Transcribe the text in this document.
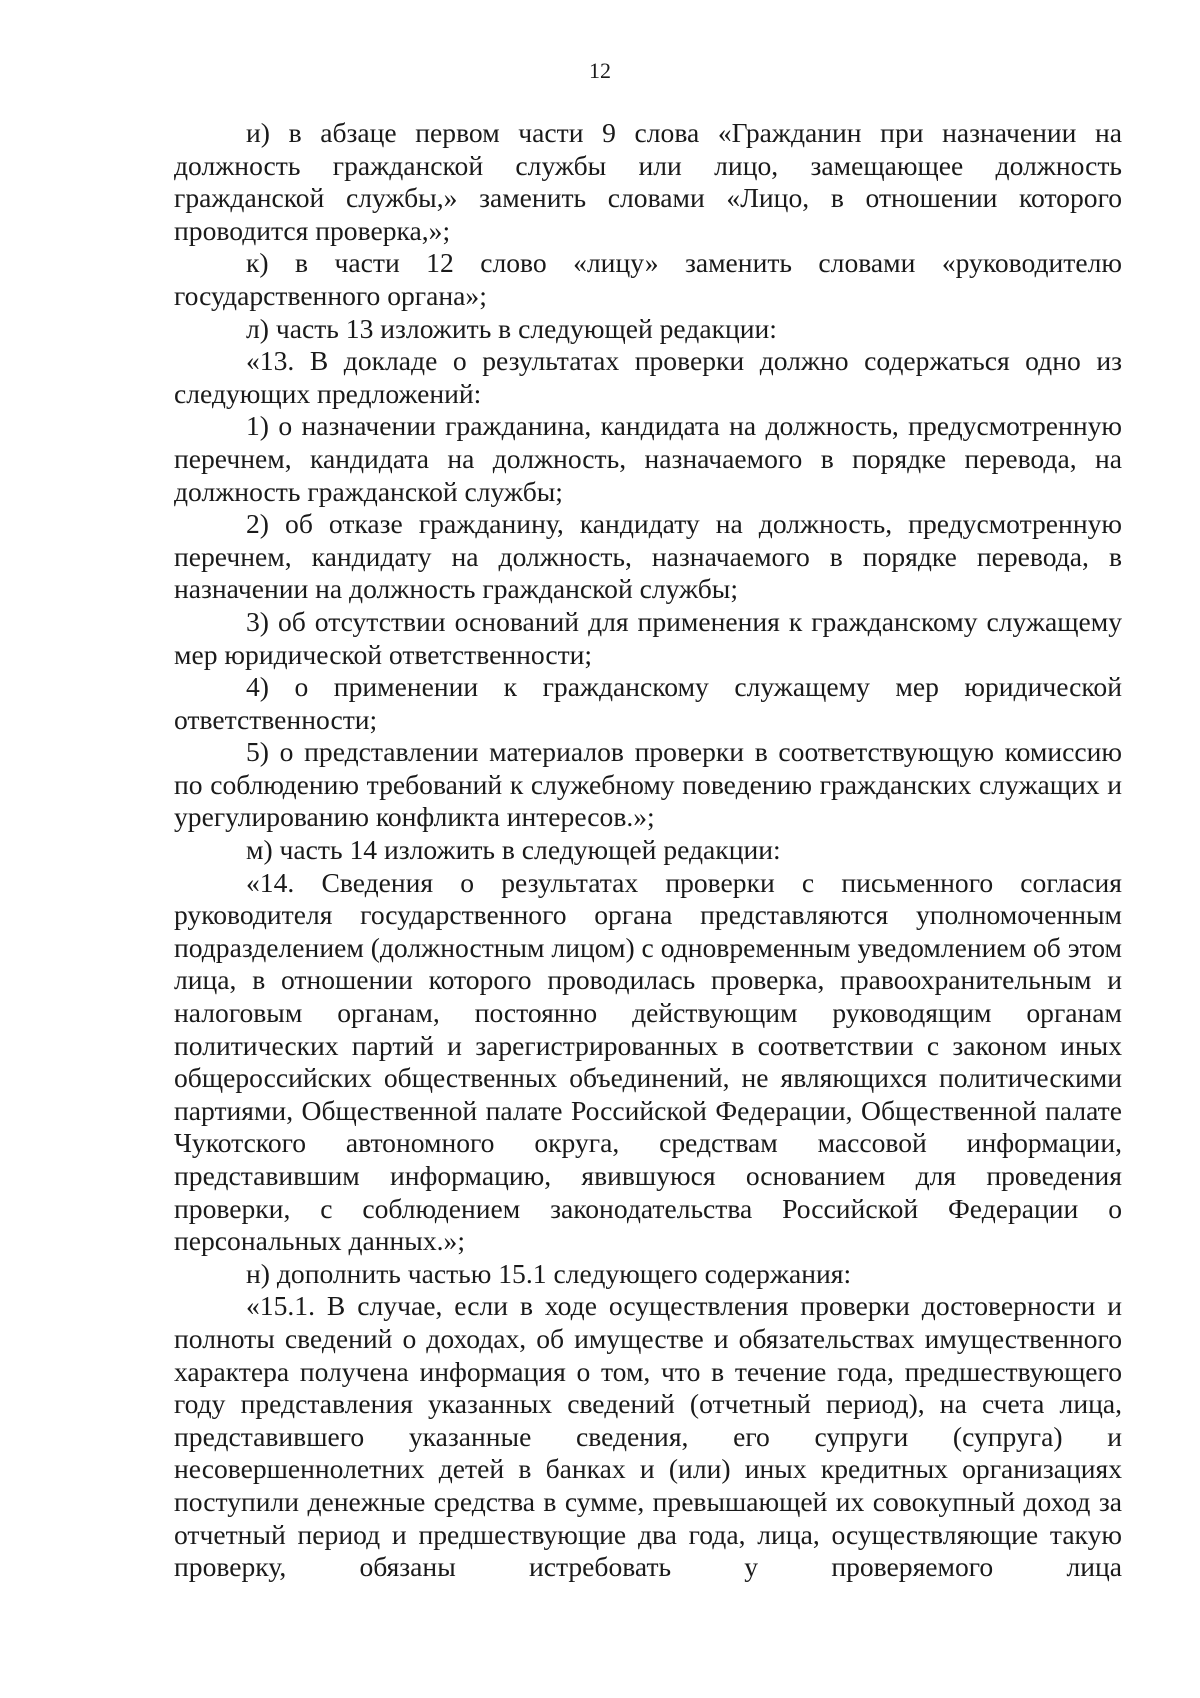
12

и) в абзаце первом части 9 слова «Гражданин при назначении на должность гражданской службы или лицо, замещающее должность гражданской службы,» заменить словами «Лицо, в отношении которого проводится проверка,»;

к) в части 12 слово «лицу» заменить словами «руководителю государственного органа»;

л) часть 13 изложить в следующей редакции:

«13. В докладе о результатах проверки должно содержаться одно из следующих предложений:

1) о назначении гражданина, кандидата на должность, предусмотренную перечнем, кандидата на должность, назначаемого в порядке перевода, на должность гражданской службы;

2) об отказе гражданину, кандидату на должность, предусмотренную перечнем, кандидату на должность, назначаемого в порядке перевода, в назначении на должность гражданской службы;

3) об отсутствии оснований для применения к гражданскому служащему мер юридической ответственности;

4) о применении к гражданскому служащему мер юридической ответственности;

5) о представлении материалов проверки в соответствующую комиссию по соблюдению требований к служебному поведению гражданских служащих и урегулированию конфликта интересов.»;

м) часть 14 изложить в следующей редакции:

«14. Сведения о результатах проверки с письменного согласия руководителя государственного органа представляются уполномоченным подразделением (должностным лицом) с одновременным уведомлением об этом лица, в отношении которого проводилась проверка, правоохранительным и налоговым органам, постоянно действующим руководящим органам политических партий и зарегистрированных в соответствии с законом иных общероссийских общественных объединений, не являющихся политическими партиями, Общественной палате Российской Федерации, Общественной палате Чукотского автономного округа, средствам массовой информации, представившим информацию, явившуюся основанием для проведения проверки, с соблюдением законодательства Российской Федерации о персональных данных.»;

н) дополнить частью 15.1 следующего содержания:

«15.1. В случае, если в ходе осуществления проверки достоверности и полноты сведений о доходах, об имуществе и обязательствах имущественного характера получена информация о том, что в течение года, предшествующего году представления указанных сведений (отчетный период), на счета лица, представившего указанные сведения, его супруги (супруга) и несовершеннолетних детей в банках и (или) иных кредитных организациях поступили денежные средства в сумме, превышающей их совокупный доход за отчетный период и предшествующие два года, лица, осуществляющие такую проверку, обязаны истребовать у проверяемого лица
